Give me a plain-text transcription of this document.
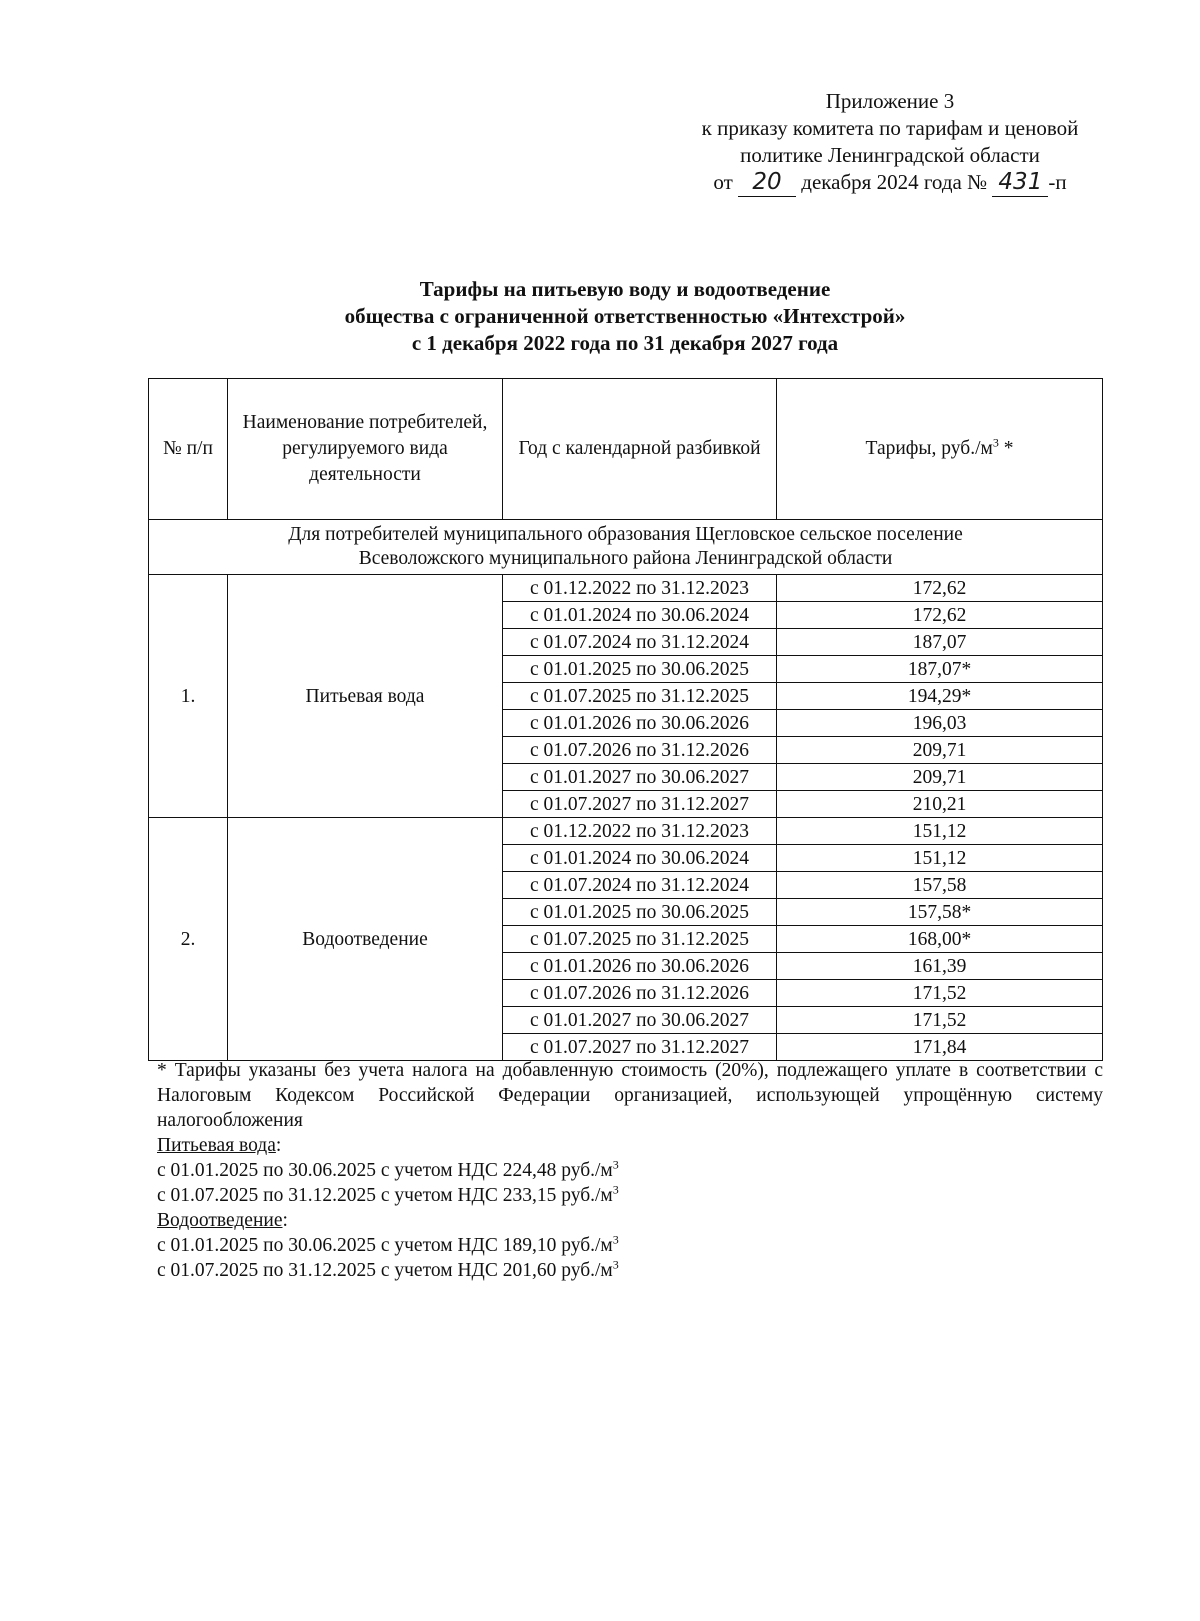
Приложение 3
к приказу комитета по тарифам и ценовой
политике Ленинградской области
от 20 декабря 2024 года № 431 -п
Тарифы на питьевую воду и водоотведение
общества с ограниченной ответственностью «Интехстрой»
с 1 декабря 2022 года по 31 декабря 2027 года
№ п/п	Наименование потребителей, регулируемого вида деятельности	Год с календарной разбивкой	Тарифы, $руб./м^3$ *

Для потребителей муниципального образования Щегловское сельское поселение
Всеволожского муниципального района Ленинградской области			

1.	Питьевая вода	с 01.12.2022 по 31.12.2023	172,62
		с 01.01.2024 по 30.06.2024	172,62
		с 01.07.2024 по 31.12.2024	187,07
		с 01.01.2025 по 30.06.2025	187,07*
		с 01.07.2025 по 31.12.2025	194,29*
		с 01.01.2026 по 30.06.2026	196,03
		с 01.07.2026 по 31.12.2026	209,71
		с 01.01.2027 по 30.06.2027	209,71
		с 01.07.2027 по 31.12.2027	210,21
2.	Водоотведение	с 01.12.2022 по 31.12.2023	151,12
		с 01.01.2024 по 30.06.2024	151,12
		с 01.07.2024 по 31.12.2024	157,58
		с 01.01.2025 по 30.06.2025	157,58*
		с 01.07.2025 по 31.12.2025	168,00*
		с 01.01.2026 по 30.06.2026	161,39
		с 01.07.2026 по 31.12.2026	171,52
		с 01.01.2027 по 30.06.2027	171,52
		с 01.07.2027 по 31.12.2027	171,84

* Тарифы указаны без учета налога на добавленную стоимость (20%), подлежащего уплате в соответствии с Налоговым Кодексом Российской Федерации организацией, использующей упрощённую систему налогообложения

Питьевая вода:
с 01.01.2025 по 30.06.2025 с учетом НДС 224,48 $руб./м^3$
с 01.07.2025 по 31.12.2025 с учетом НДС 233,15 $руб./м^3$
Водоотведение:
с 01.01.2025 по 30.06.2025 с учетом НДС 189,10 $руб./м^3$
с 01.07.2025 по 31.12.2025 с учетом НДС 201,60 $руб./м^3$
